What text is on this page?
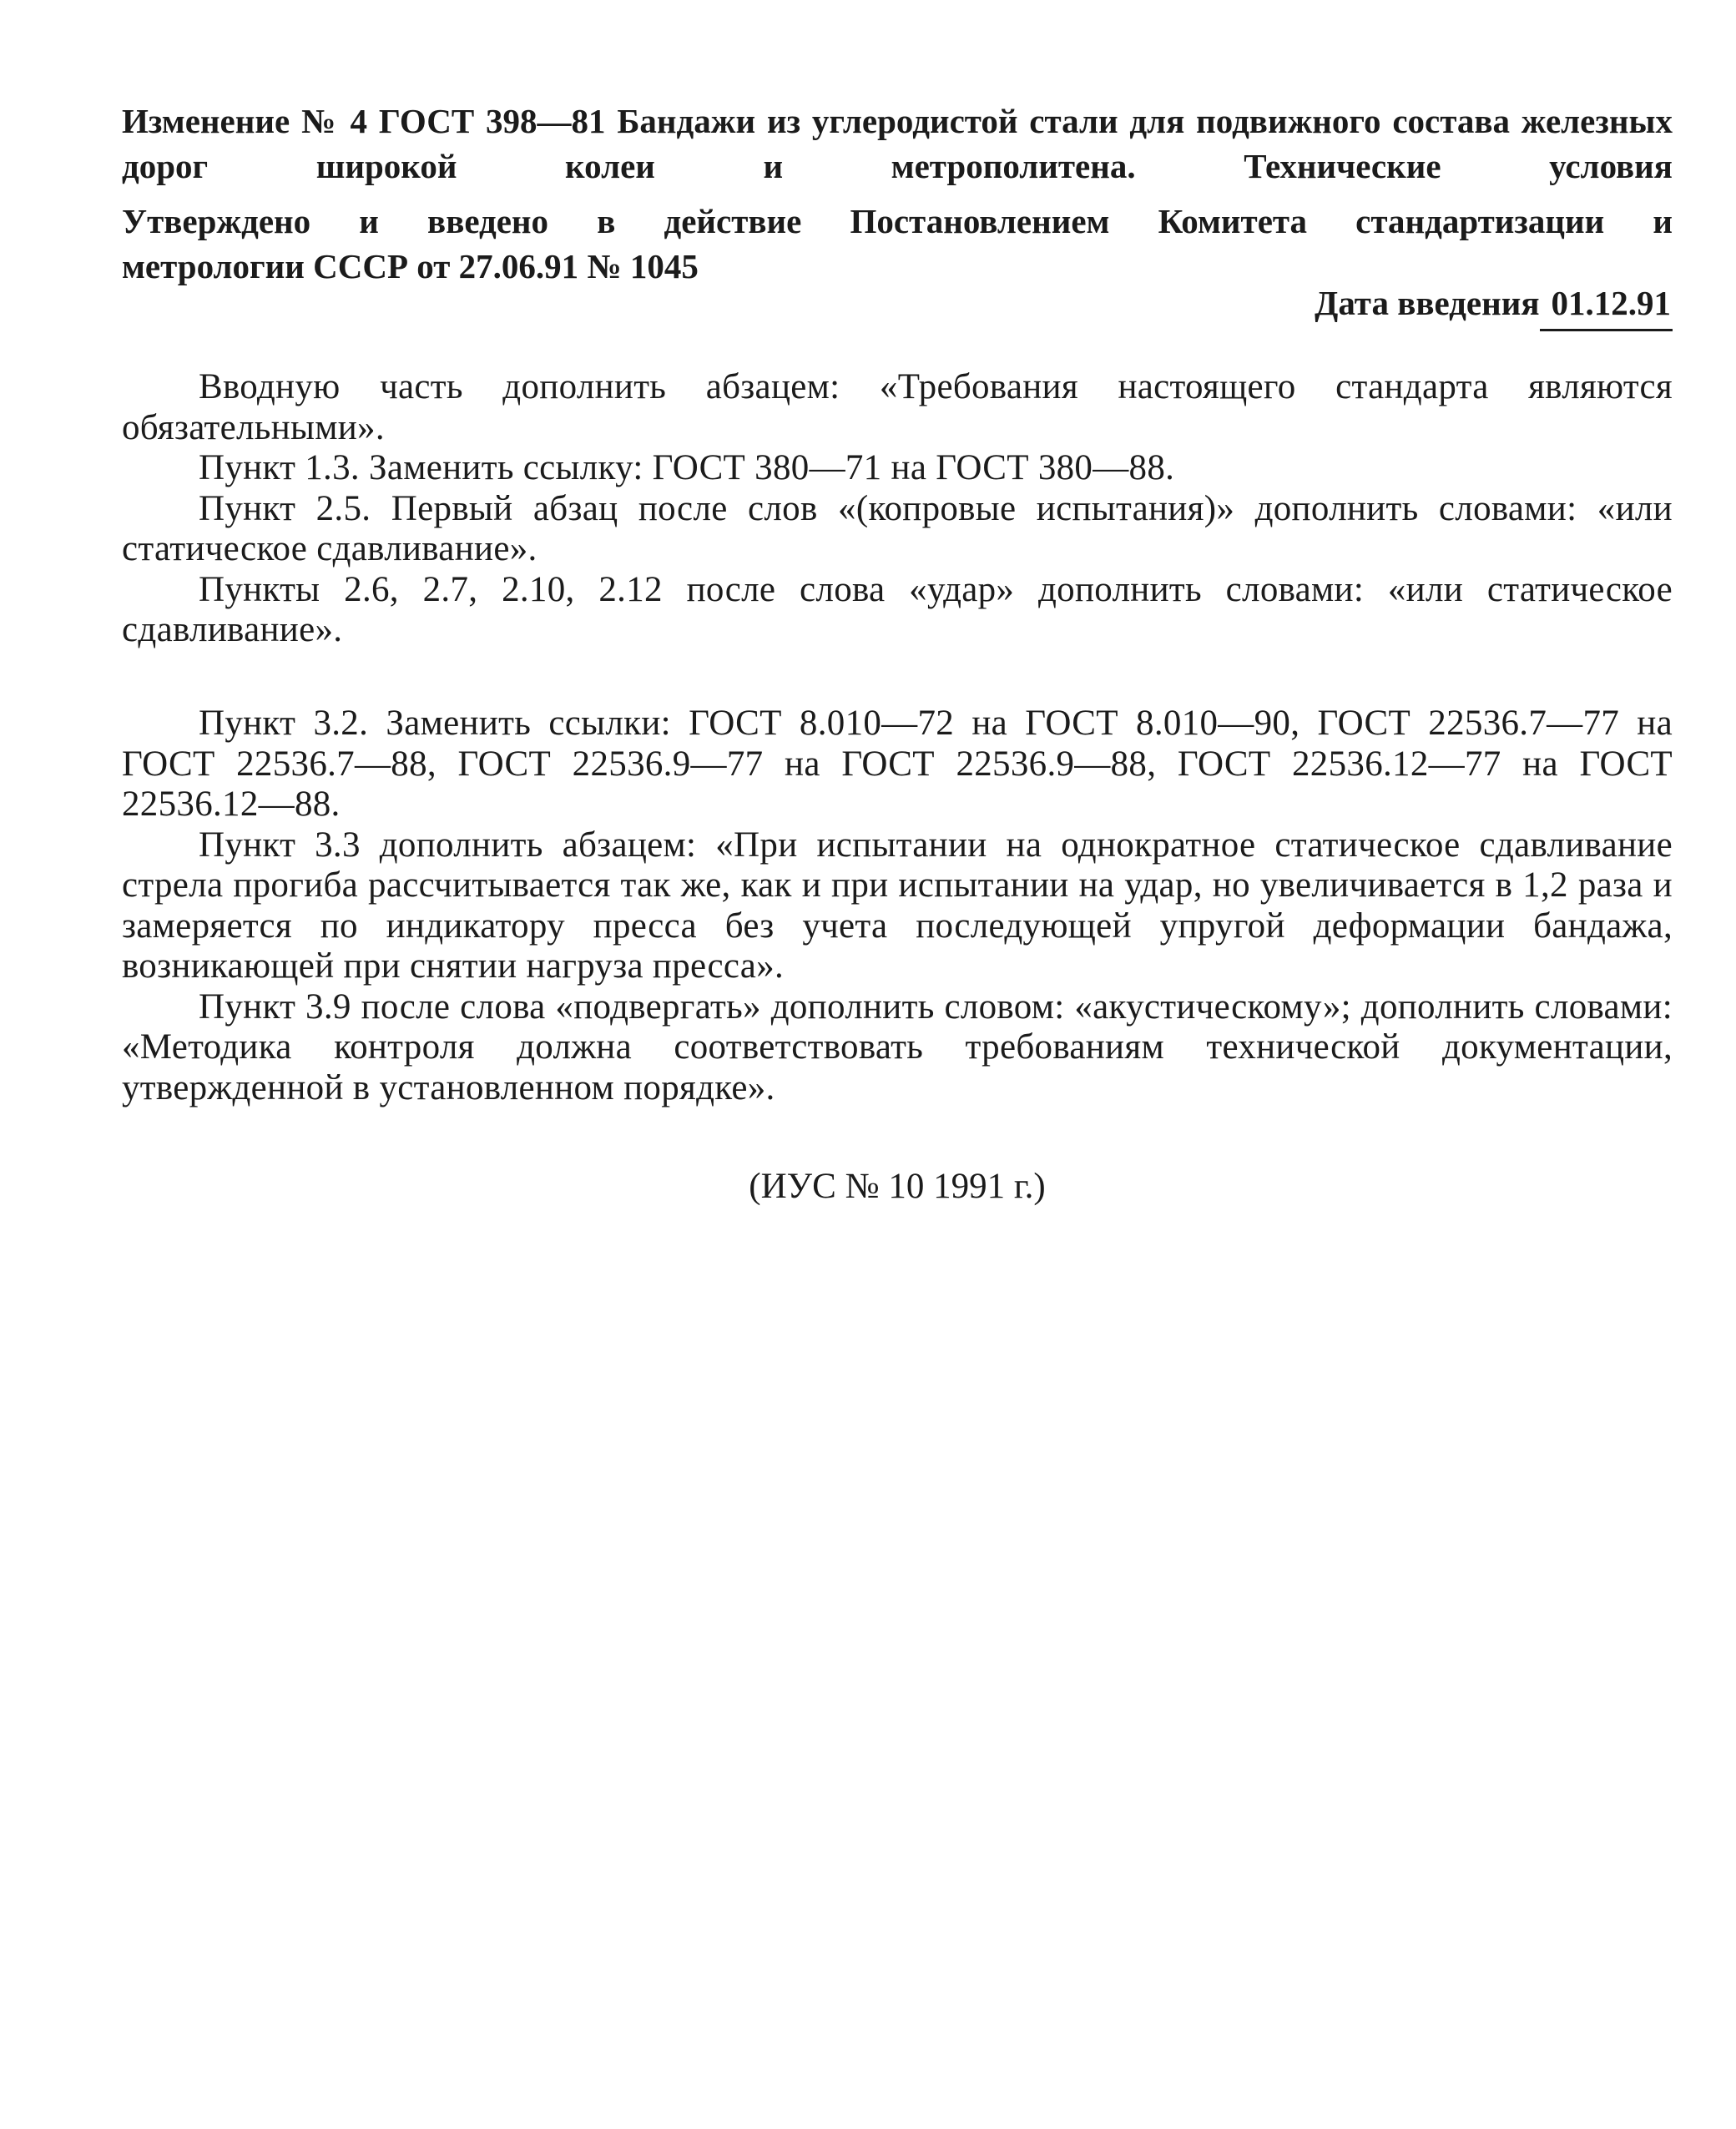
Изменение № 4 ГОСТ 398—81 Бандажи из углеродистой стали для подвижного состава железных дорог широкой колеи и метрополитена. Технические условия
Утверждено и введено в действие Постановлением Комитета стандартизации и
метрологии СССР от 27.06.91 № 1045
Дата введения 01.12.91

Вводную часть дополнить абзацем: «Требования настоящего стандарта являются обязательными».

Пункт 1.3. Заменить ссылку: ГОСТ 380—71 на ГОСТ 380—88.

Пункт 2.5. Первый абзац после слов «(копровые испытания)» дополнить словами: «или статическое сдавливание».

Пункты 2.6, 2.7, 2.10, 2.12 после слова «удар» дополнить словами: «или статическое сдавливание».

Пункт 3.2. Заменить ссылки: ГОСТ 8.010—72 на ГОСТ 8.010—90, ГОСТ 22536.7—77 на ГОСТ 22536.7—88, ГОСТ 22536.9—77 на ГОСТ 22536.9—88, ГОСТ 22536.12—77 на ГОСТ 22536.12—88.

Пункт 3.3 дополнить абзацем: «При испытании на однократное статическое сдавливание стрела прогиба рассчитывается так же, как и при испытании на удар, но увеличивается в 1,2 раза и замеряется по индикатору пресса без учета последующей упругой деформации бандажа, возникающей при снятии нагруза пресса».

Пункт 3.9 после слова «подвергать» дополнить словом: «акустическому»; дополнить словами: «Методика контроля должна соответствовать требованиям технической документации, утвержденной в установленном порядке».

(ИУС № 10 1991 г.)
